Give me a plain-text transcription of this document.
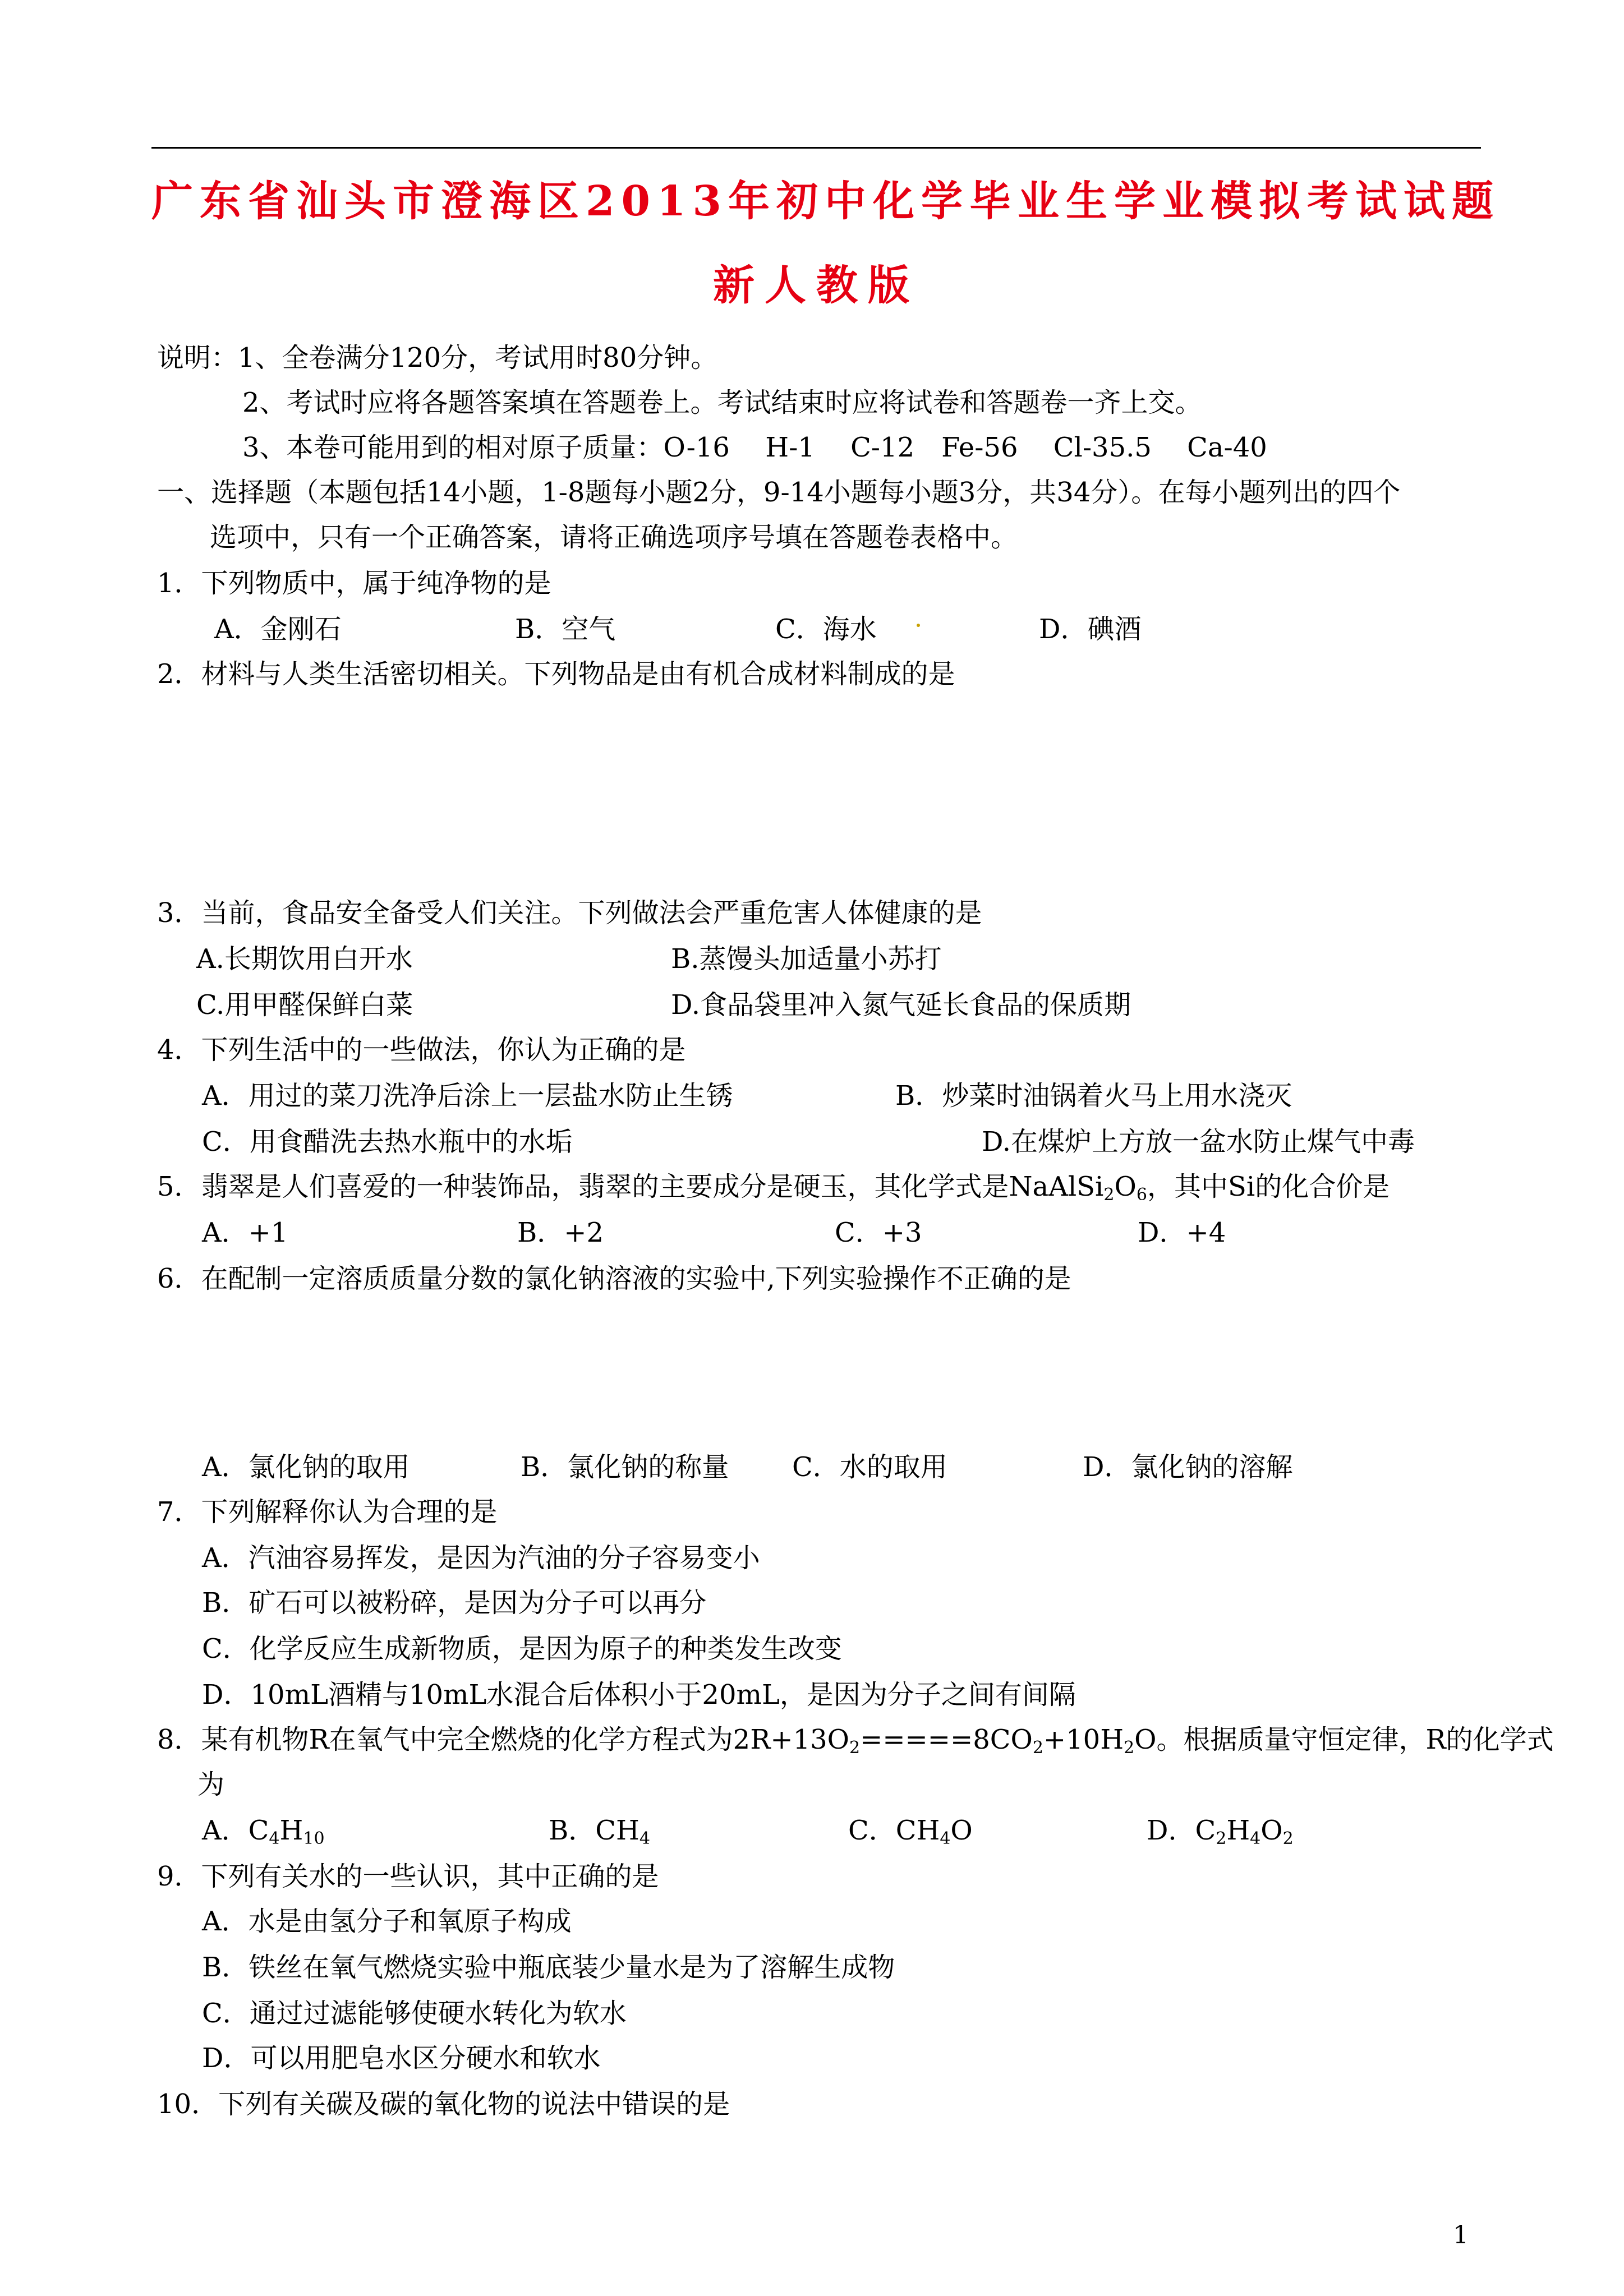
广东省汕头市澄海区2013年初中化学毕业生学业模拟考试试题
新人教版
说明：1、全卷满分120分，考试用时80分钟。
2、考试时应将各题答案填在答题卷上。考试结束时应将试卷和答题卷一齐上交。
3、本卷可能用到的相对原子质量：O-16　 H-1　 C-12　Fe-56　 Cl-35.5　 Ca-40
一、选择题（本题包括14小题，1-8题每小题2分，9-14小题每小题3分，共34分）。在每小题列出的四个
选项中，只有一个正确答案，请将正确选项序号填在答题卷表格中。
1．下列物质中，属于纯净物的是
A．金刚石	B．空气	C．海水	D．碘酒
2．材料与人类生活密切相关。下列物品是由有机合成材料制成的是
3．当前，食品安全备受人们关注。下列做法会严重危害人体健康的是
A.长期饮用白开水	B.蒸馒头加适量小苏打
C.用甲醛保鲜白菜	D.食品袋里冲入氮气延长食品的保质期
4．下列生活中的一些做法，你认为正确的是
A．用过的菜刀洗净后涂上一层盐水防止生锈	B．炒菜时油锅着火马上用水浇灭
C．用食醋洗去热水瓶中的水垢	D.在煤炉上方放一盆水防止煤气中毒
5．翡翠是人们喜爱的一种装饰品，翡翠的主要成分是硬玉，其化学式是$NaAlSi_2O_6$，其中Si的化合价是
A．+1	B．+2	C．+3	D．+4
6．在配制一定溶质质量分数的氯化钠溶液的实验中,下列实验操作不正确的是
A．氯化钠的取用	B．氯化钠的称量 C．水的取用	D．氯化钠的溶解
7．下列解释你认为合理的是
A．汽油容易挥发，是因为汽油的分子容易变小
B．矿石可以被粉碎，是因为分子可以再分
C．化学反应生成新物质，是因为原子的种类发生改变
D．10mL酒精与10mL水混合后体积小于20mL，是因为分子之间有间隔
8．某有机物R在氧气中完全燃烧的化学方程式为$2R+13O_2=====8CO_2+10H_2O$。根据质量守恒定律，R的化学式
为
A．$C_4H_{10}$	B．$CH_4$	C．$CH_4O$	D．$C_2H_4O_2$
9．下列有关水的一些认识，其中正确的是
A．水是由氢分子和氧原子构成
B．铁丝在氧气燃烧实验中瓶底装少量水是为了溶解生成物
C．通过过滤能够使硬水转化为软水
D．可以用肥皂水区分硬水和软水
10．下列有关碳及碳的氧化物的说法中错误的是
1
